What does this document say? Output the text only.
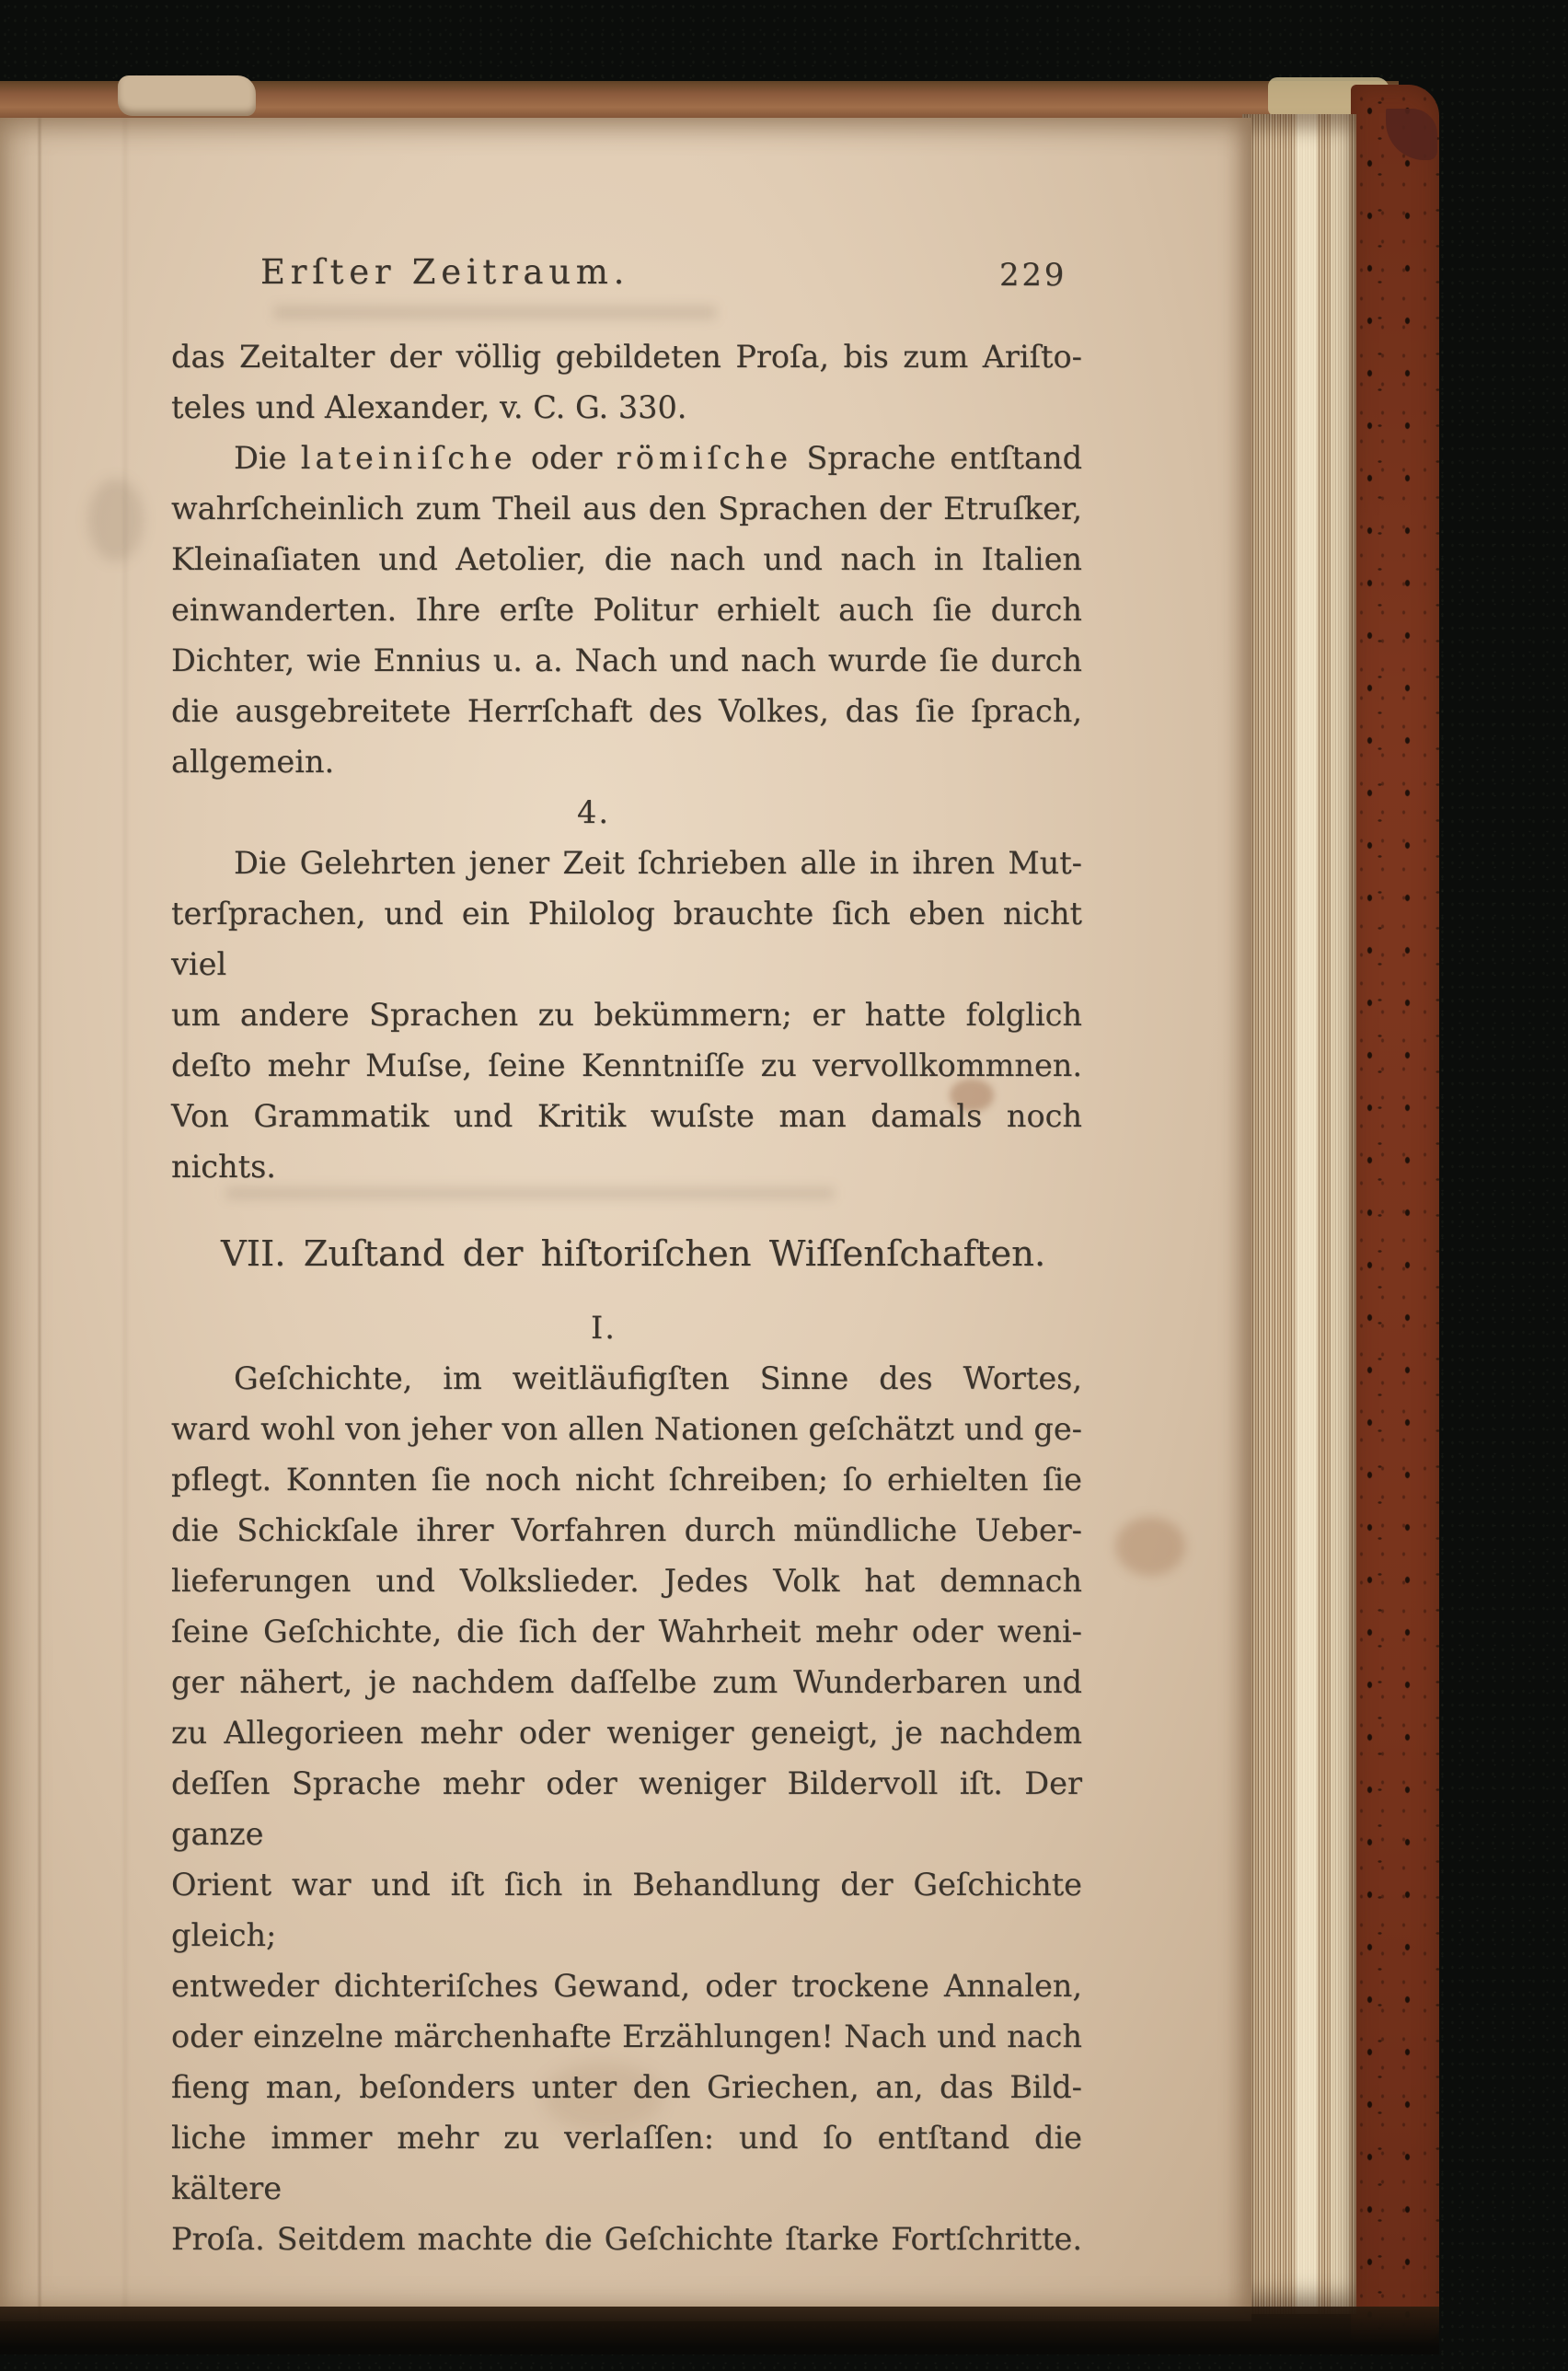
Erſter Zeitraum.	229
das Zeitalter der völlig gebildeten Proſa, bis zum Ariſto-
teles und Alexander, v. C. G. 330.
Die lateiniſche oder römiſche Sprache entſtand
wahrſcheinlich zum Theil aus den Sprachen der Etruſker,
Kleinaſiaten und Aetolier, die nach und nach in Italien
einwanderten. Ihre erſte Politur erhielt auch ſie durch
Dichter, wie Ennius u. a. Nach und nach wurde ſie durch
die ausgebreitete Herrſchaft des Volkes, das ſie ſprach,
allgemein.
4.
Die Gelehrten jener Zeit ſchrieben alle in ihren Mut-
terſprachen, und ein Philolog brauchte ſich eben nicht viel
um andere Sprachen zu bekümmern; er hatte folglich
deſto mehr Muſse, ſeine Kenntniſſe zu vervollkommnen.
Von Grammatik und Kritik wuſste man damals noch nichts.
VII. Zuſtand der hiſtoriſchen Wiſſenſchaften.
I.
Geſchichte, im weitläufigſten Sinne des Wortes,
ward wohl von jeher von allen Nationen geſchätzt und ge-
pflegt. Konnten ſie noch nicht ſchreiben; ſo erhielten ſie
die Schickſale ihrer Vorfahren durch mündliche Ueber-
lieferungen und Volkslieder. Jedes Volk hat demnach
ſeine Geſchichte, die ſich der Wahrheit mehr oder weni-
ger nähert, je nachdem daſſelbe zum Wunderbaren und
zu Allegorieen mehr oder weniger geneigt, je nachdem
deſſen Sprache mehr oder weniger Bildervoll iſt. Der ganze
Orient war und iſt ſich in Behandlung der Geſchichte gleich;
entweder dichteriſches Gewand, oder trockene Annalen,
oder einzelne märchenhafte Erzählungen! Nach und nach
fieng man, beſonders unter den Griechen, an, das Bild-
liche immer mehr zu verlaſſen: und ſo entſtand die kältere
Proſa. Seitdem machte die Geſchichte ſtarke Fortſchritte.
